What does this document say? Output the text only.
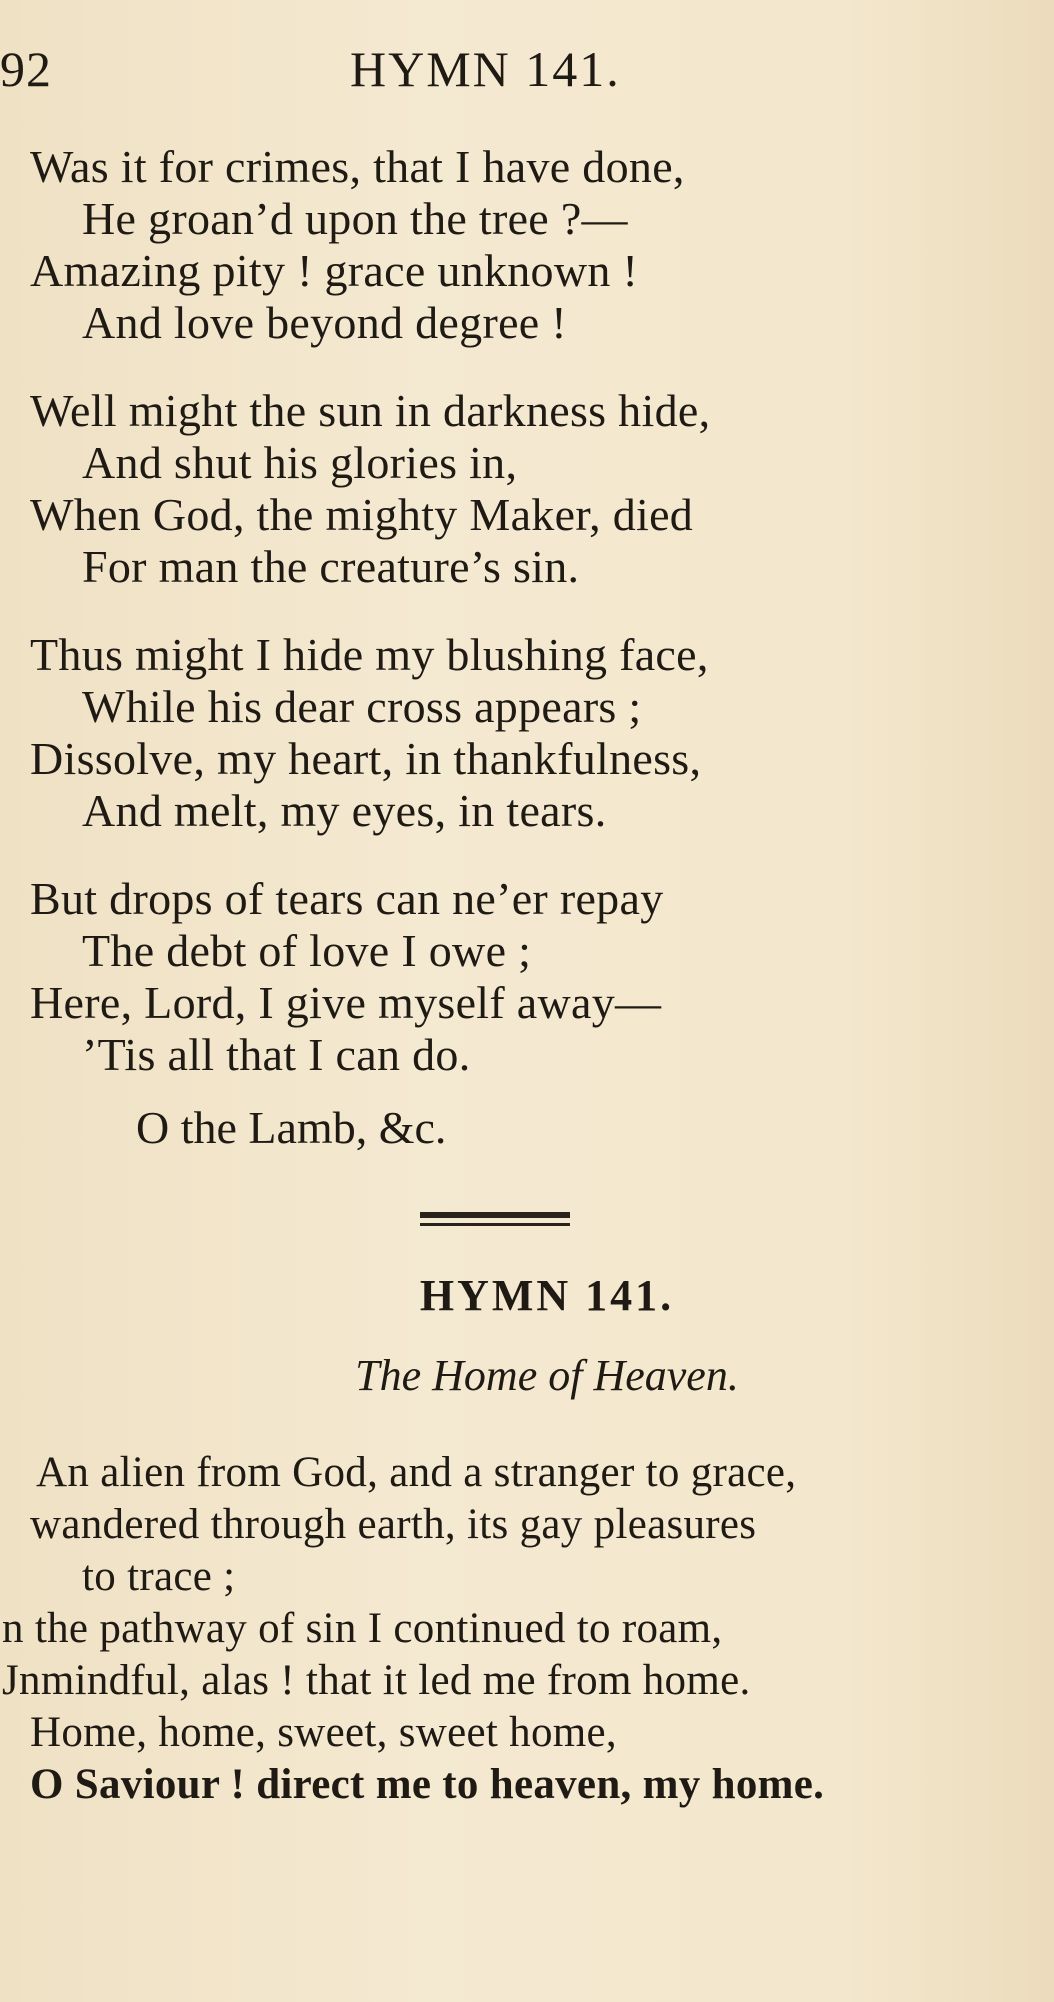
92	HYMN 141.
Was it for crimes, that I have done,
He groan’d upon the tree ?—
Amazing pity ! grace unknown !
And love beyond degree !
Well might the sun in darkness hide,
And shut his glories in,
When God, the mighty Maker, died
For man the creature’s sin.
Thus might I hide my blushing face,
While his dear cross appears ;
Dissolve, my heart, in thankfulness,
And melt, my eyes, in tears.
But drops of tears can ne’er repay
The debt of love I owe ;
Here, Lord, I give myself away—
’Tis all that I can do.
O the Lamb, &c.
HYMN 141.
The Home of Heaven.
An alien from God, and a stranger to grace,
wandered through earth, its gay pleasures
to trace ;
n the pathway of sin I continued to roam,
Jnmindful, alas ! that it led me from home.
Home, home, sweet, sweet home,
O Saviour ! direct me to heaven, my home.
